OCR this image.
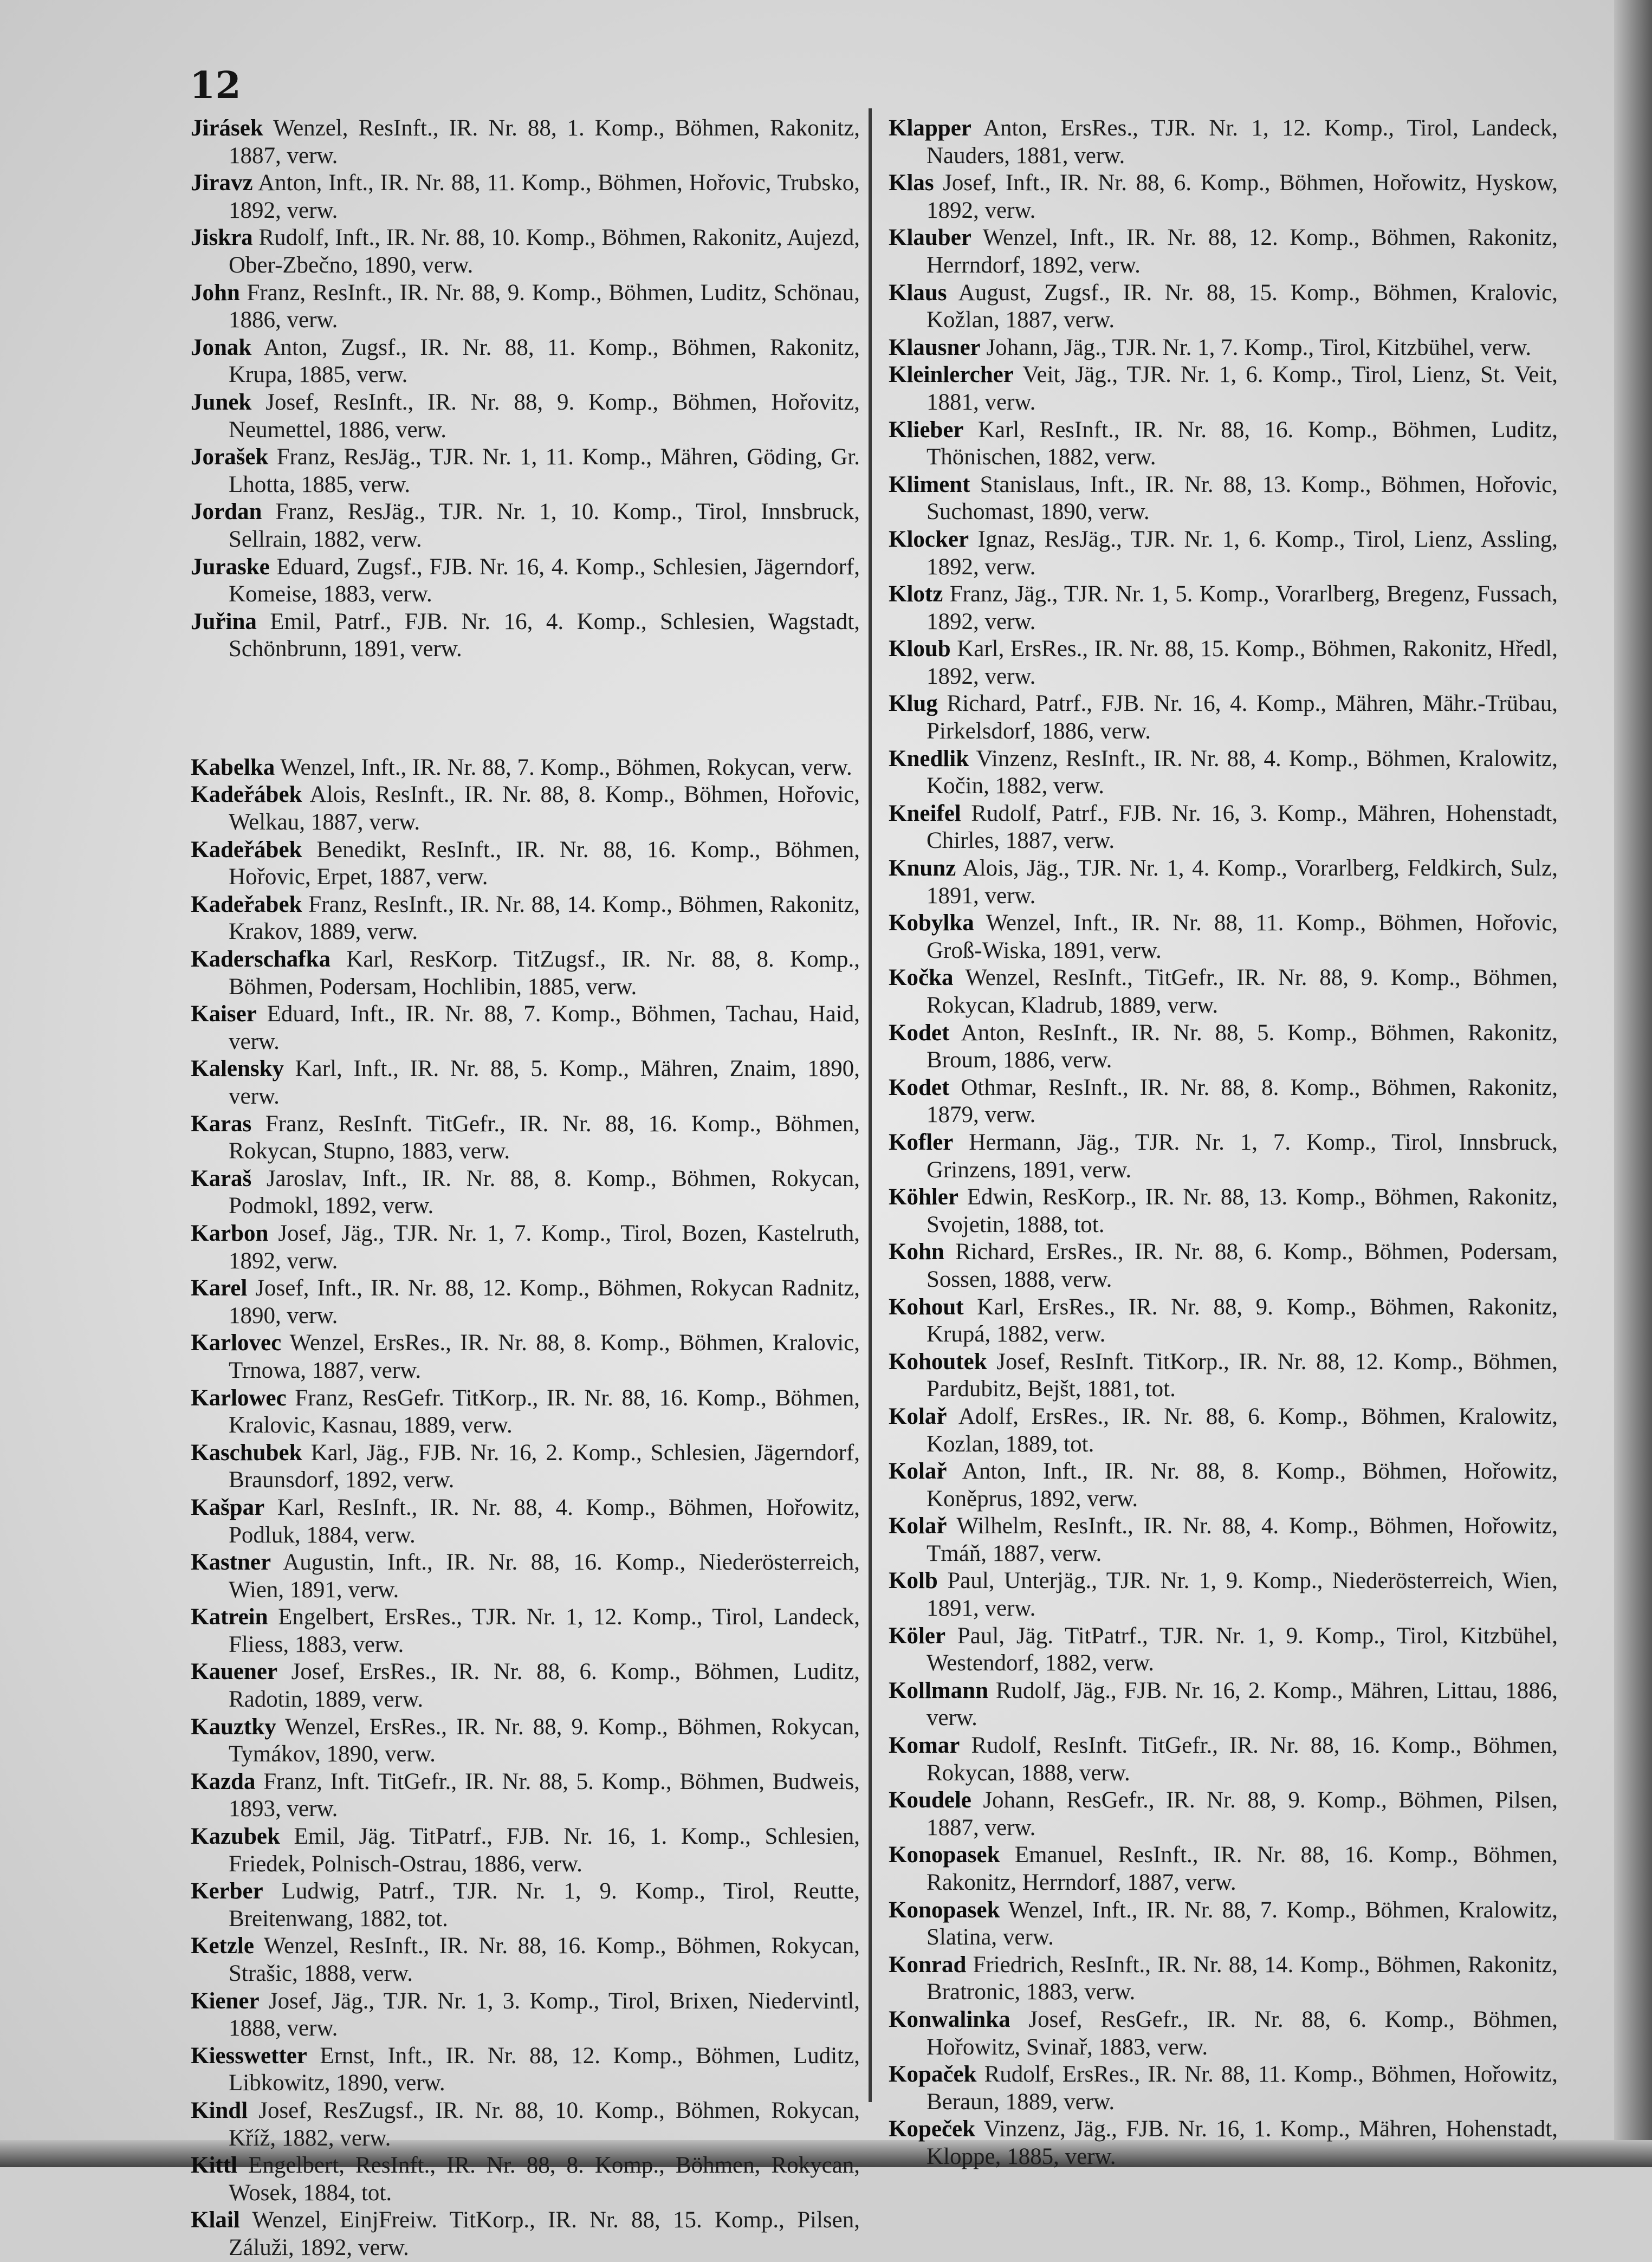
12
Jirásek Wenzel, ResInft., IR. Nr. 88, 1. Komp., Böhmen, Rakonitz, 1887, verw.
Jiravz Anton, Inft., IR. Nr. 88, 11. Komp., Böhmen, Hořovic, Trubsko, 1892, verw.
Jiskra Rudolf, Inft., IR. Nr. 88, 10. Komp., Böhmen, Rakonitz, Aujezd, Ober-Zbečno, 1890, verw.
John Franz, ResInft., IR. Nr. 88, 9. Komp., Böhmen, Luditz, Schönau, 1886, verw.
Jonak Anton, Zugsf., IR. Nr. 88, 11. Komp., Böhmen, Rakonitz, Krupa, 1885, verw.
Junek Josef, ResInft., IR. Nr. 88, 9. Komp., Böhmen, Hořovitz, Neumettel, 1886, verw.
Jorašek Franz, ResJäg., TJR. Nr. 1, 11. Komp., Mähren, Göding, Gr. Lhotta, 1885, verw.
Jordan Franz, ResJäg., TJR. Nr. 1, 10. Komp., Tirol, Innsbruck, Sellrain, 1882, verw.
Juraske Eduard, Zugsf., FJB. Nr. 16, 4. Komp., Schlesien, Jägerndorf, Komeise, 1883, verw.
Juřina Emil, Patrf., FJB. Nr. 16, 4. Komp., Schlesien, Wagstadt, Schönbrunn, 1891, verw.
Kabelka Wenzel, Inft., IR. Nr. 88, 7. Komp., Böhmen, Rokycan, verw.
Kadeřábek Alois, ResInft., IR. Nr. 88, 8. Komp., Böhmen, Hořovic, Welkau, 1887, verw.
Kadeřábek Benedikt, ResInft., IR. Nr. 88, 16. Komp., Böhmen, Hořovic, Erpet, 1887, verw.
Kadeřabek Franz, ResInft., IR. Nr. 88, 14. Komp., Böhmen, Rakonitz, Krakov, 1889, verw.
Kaderschafka Karl, ResKorp. TitZugsf., IR. Nr. 88, 8. Komp., Böhmen, Podersam, Hochlibin, 1885, verw.
Kaiser Eduard, Inft., IR. Nr. 88, 7. Komp., Böhmen, Tachau, Haid, verw.
Kalensky Karl, Inft., IR. Nr. 88, 5. Komp., Mähren, Znaim, 1890, verw.
Karas Franz, ResInft. TitGefr., IR. Nr. 88, 16. Komp., Böhmen, Rokycan, Stupno, 1883, verw.
Karaš Jaroslav, Inft., IR. Nr. 88, 8. Komp., Böhmen, Rokycan, Podmokl, 1892, verw.
Karbon Josef, Jäg., TJR. Nr. 1, 7. Komp., Tirol, Bozen, Kastelruth, 1892, verw.
Karel Josef, Inft., IR. Nr. 88, 12. Komp., Böhmen, Rokycan Radnitz, 1890, verw.
Karlovec Wenzel, ErsRes., IR. Nr. 88, 8. Komp., Böhmen, Kralovic, Trnowa, 1887, verw.
Karlowec Franz, ResGefr. TitKorp., IR. Nr. 88, 16. Komp., Böhmen, Kralovic, Kasnau, 1889, verw.
Kaschubek Karl, Jäg., FJB. Nr. 16, 2. Komp., Schlesien, Jägerndorf, Braunsdorf, 1892, verw.
Kašpar Karl, ResInft., IR. Nr. 88, 4. Komp., Böhmen, Hořowitz, Podluk, 1884, verw.
Kastner Augustin, Inft., IR. Nr. 88, 16. Komp., Niederösterreich, Wien, 1891, verw.
Katrein Engelbert, ErsRes., TJR. Nr. 1, 12. Komp., Tirol, Landeck, Fliess, 1883, verw.
Kauener Josef, ErsRes., IR. Nr. 88, 6. Komp., Böhmen, Luditz, Radotin, 1889, verw.
Kauztky Wenzel, ErsRes., IR. Nr. 88, 9. Komp., Böhmen, Rokycan, Tymákov, 1890, verw.
Kazda Franz, Inft. TitGefr., IR. Nr. 88, 5. Komp., Böhmen, Budweis, 1893, verw.
Kazubek Emil, Jäg. TitPatrf., FJB. Nr. 16, 1. Komp., Schlesien, Friedek, Polnisch-Ostrau, 1886, verw.
Kerber Ludwig, Patrf., TJR. Nr. 1, 9. Komp., Tirol, Reutte, Breitenwang, 1882, tot.
Ketzle Wenzel, ResInft., IR. Nr. 88, 16. Komp., Böhmen, Rokycan, Strašic, 1888, verw.
Kiener Josef, Jäg., TJR. Nr. 1, 3. Komp., Tirol, Brixen, Niedervintl, 1888, verw.
Kiesswetter Ernst, Inft., IR. Nr. 88, 12. Komp., Böhmen, Luditz, Libkowitz, 1890, verw.
Kindl Josef, ResZugsf., IR. Nr. 88, 10. Komp., Böhmen, Rokycan, Kříž, 1882, verw.
Kittl Engelbert, ResInft., IR. Nr. 88, 8. Komp., Böhmen, Rokycan, Wosek, 1884, tot.
Klail Wenzel, EinjFreiw. TitKorp., IR. Nr. 88, 15. Komp., Pilsen, Záluži, 1892, verw.
Klapper Anton, ErsRes., TJR. Nr. 1, 12. Komp., Tirol, Landeck, Nauders, 1881, verw.
Klas Josef, Inft., IR. Nr. 88, 6. Komp., Böhmen, Hořowitz, Hyskow, 1892, verw.
Klauber Wenzel, Inft., IR. Nr. 88, 12. Komp., Böhmen, Rakonitz, Herrndorf, 1892, verw.
Klaus August, Zugsf., IR. Nr. 88, 15. Komp., Böhmen, Kralovic, Kožlan, 1887, verw.
Klausner Johann, Jäg., TJR. Nr. 1, 7. Komp., Tirol, Kitzbühel, verw.
Kleinlercher Veit, Jäg., TJR. Nr. 1, 6. Komp., Tirol, Lienz, St. Veit, 1881, verw.
Klieber Karl, ResInft., IR. Nr. 88, 16. Komp., Böhmen, Luditz, Thönischen, 1882, verw.
Kliment Stanislaus, Inft., IR. Nr. 88, 13. Komp., Böhmen, Hořovic, Suchomast, 1890, verw.
Klocker Ignaz, ResJäg., TJR. Nr. 1, 6. Komp., Tirol, Lienz, Assling, 1892, verw.
Klotz Franz, Jäg., TJR. Nr. 1, 5. Komp., Vorarlberg, Bregenz, Fussach, 1892, verw.
Kloub Karl, ErsRes., IR. Nr. 88, 15. Komp., Böhmen, Rakonitz, Hředl, 1892, verw.
Klug Richard, Patrf., FJB. Nr. 16, 4. Komp., Mähren, Mähr.-Trübau, Pirkelsdorf, 1886, verw.
Knedlik Vinzenz, ResInft., IR. Nr. 88, 4. Komp., Böhmen, Kralowitz, Kočin, 1882, verw.
Kneifel Rudolf, Patrf., FJB. Nr. 16, 3. Komp., Mähren, Hohenstadt, Chirles, 1887, verw.
Knunz Alois, Jäg., TJR. Nr. 1, 4. Komp., Vorarlberg, Feldkirch, Sulz, 1891, verw.
Kobylka Wenzel, Inft., IR. Nr. 88, 11. Komp., Böhmen, Hořovic, Groß-Wiska, 1891, verw.
Kočka Wenzel, ResInft., TitGefr., IR. Nr. 88, 9. Komp., Böhmen, Rokycan, Kladrub, 1889, verw.
Kodet Anton, ResInft., IR. Nr. 88, 5. Komp., Böhmen, Rakonitz, Broum, 1886, verw.
Kodet Othmar, ResInft., IR. Nr. 88, 8. Komp., Böhmen, Rakonitz, 1879, verw.
Kofler Hermann, Jäg., TJR. Nr. 1, 7. Komp., Tirol, Innsbruck, Grinzens, 1891, verw.
Köhler Edwin, ResKorp., IR. Nr. 88, 13. Komp., Böhmen, Rakonitz, Svojetin, 1888, tot.
Kohn Richard, ErsRes., IR. Nr. 88, 6. Komp., Böhmen, Podersam, Sossen, 1888, verw.
Kohout Karl, ErsRes., IR. Nr. 88, 9. Komp., Böhmen, Rakonitz, Krupá, 1882, verw.
Kohoutek Josef, ResInft. TitKorp., IR. Nr. 88, 12. Komp., Böhmen, Pardubitz, Bejšt, 1881, tot.
Kolař Adolf, ErsRes., IR. Nr. 88, 6. Komp., Böhmen, Kralowitz, Kozlan, 1889, tot.
Kolař Anton, Inft., IR. Nr. 88, 8. Komp., Böhmen, Hořowitz, Koněprus, 1892, verw.
Kolař Wilhelm, ResInft., IR. Nr. 88, 4. Komp., Böhmen, Hořowitz, Tmáň, 1887, verw.
Kolb Paul, Unterjäg., TJR. Nr. 1, 9. Komp., Niederösterreich, Wien, 1891, verw.
Köler Paul, Jäg. TitPatrf., TJR. Nr. 1, 9. Komp., Tirol, Kitzbühel, Westendorf, 1882, verw.
Kollmann Rudolf, Jäg., FJB. Nr. 16, 2. Komp., Mähren, Littau, 1886, verw.
Komar Rudolf, ResInft. TitGefr., IR. Nr. 88, 16. Komp., Böhmen, Rokycan, 1888, verw.
Koudele Johann, ResGefr., IR. Nr. 88, 9. Komp., Böhmen, Pilsen, 1887, verw.
Konopasek Emanuel, ResInft., IR. Nr. 88, 16. Komp., Böhmen, Rakonitz, Herrndorf, 1887, verw.
Konopasek Wenzel, Inft., IR. Nr. 88, 7. Komp., Böhmen, Kralowitz, Slatina, verw.
Konrad Friedrich, ResInft., IR. Nr. 88, 14. Komp., Böhmen, Rakonitz, Bratronic, 1883, verw.
Konwalinka Josef, ResGefr., IR. Nr. 88, 6. Komp., Böhmen, Hořowitz, Svinař, 1883, verw.
Kopaček Rudolf, ErsRes., IR. Nr. 88, 11. Komp., Böhmen, Hořowitz, Beraun, 1889, verw.
Kopeček Vinzenz, Jäg., FJB. Nr. 16, 1. Komp., Mähren, Hohenstadt, Kloppe, 1885, verw.
